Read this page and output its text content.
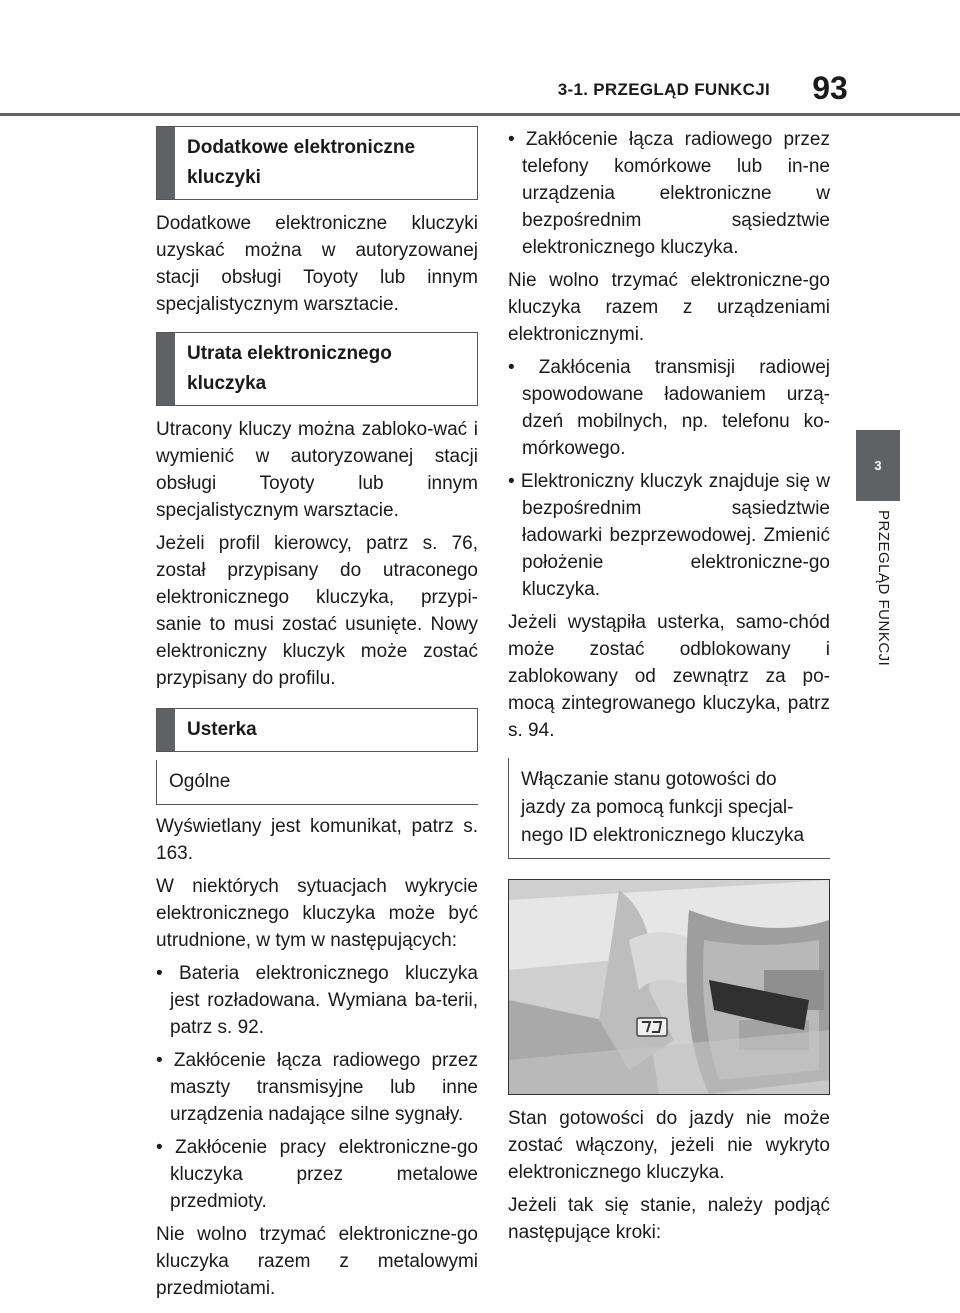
3-1. PRZEGLĄD FUNKCJI	93
3
PRZEGLĄD FUNKCJI
Dodatkowe elektroniczne kluczyki

Dodatkowe elektroniczne kluczyki uzyskać można w autoryzowanej stacji obsługi Toyoty lub innym specjalistycznym warsztacie.

Utrata elektronicznego kluczyka

Utracony kluczy można zabloko-wać i wymienić w autoryzowanej stacji obsługi Toyoty lub innym specjalistycznym warsztacie.

Jeżeli profil kierowcy, patrz s. 76, został przypisany do utraconego elektronicznego kluczyka, przypi-sanie to musi zostać usunięte. Nowy elektroniczny kluczyk może zostać przypisany do profilu.

Usterka
Ogólne

Wyświetlany jest komunikat, patrz s. 163.

W niektórych sytuacjach wykrycie elektronicznego kluczyka może być utrudnione, w tym w następujących:

• Bateria elektronicznego kluczyka jest rozładowana. Wymiana ba-terii, patrz s. 92.
• Zakłócenie łącza radiowego przez maszty transmisyjne lub inne urządzenia nadające silne sygnały.
• Zakłócenie pracy elektroniczne-go kluczyka przez metalowe przedmioty.

Nie wolno trzymać elektroniczne-go kluczyka razem z metalowymi przedmiotami.

• Zakłócenie łącza radiowego przez telefony komórkowe lub in-ne urządzenia elektroniczne w bezpośrednim sąsiedztwie elektronicznego kluczyka.

Nie wolno trzymać elektroniczne-go kluczyka razem z urządzeniami elektronicznymi.

• Zakłócenia transmisji radiowej spowodowane ładowaniem urzą-dzeń mobilnych, np. telefonu ko-mórkowego.
• Elektroniczny kluczyk znajduje się w bezpośrednim sąsiedztwie ładowarki bezprzewodowej. Zmienić położenie elektroniczne-go kluczyka.

Jeżeli wystąpiła usterka, samo-chód może zostać odblokowany i zablokowany od zewnątrz za po-mocą zintegrowanego kluczyka, patrz s. 94.

Włączanie stanu gotowości do jazdy za pomocą funkcji specjal-nego ID elektronicznego kluczyka

Stan gotowości do jazdy nie może zostać włączony, jeżeli nie wykryto elektronicznego kluczyka.

Jeżeli tak się stanie, należy podjąć następujące kroki:
